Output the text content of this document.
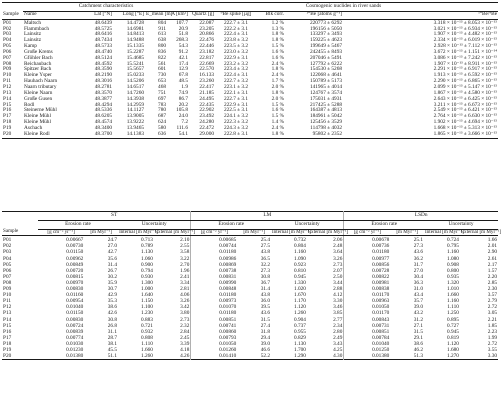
	Catchment characteristics					Cosmogenic nuclides in river sands				
Sample	Name	Lat [°N]	Long [°E]	E_mean [m]	A [km²]	Quartz [g]	⁹Be spike [µg]	Blk corr.	¹⁰Be [atoms g⁻¹]	¹⁰Be/⁹Be
P01	Maltsch	48.6439	14.4728	804	107.7	22.087	222.7 ± 3.1	1.2 %	220773 ± 6292	3.318 × 10⁻¹³ ± 8.053 × 10⁻¹⁵
P02	Flammbach	48.5725	14.6981	911	20.9	23.205	222.2 ± 3.1	1.3 %	196156 ± 5050	3.021 × 10⁻¹³ ± 6.934 × 10⁻¹⁵
P03	Lainsitz	48.6416	14.8413	613	51.8	20.866	222.4 ± 3.1	1.8 %	133297 ± 3493	1.907 × 10⁻¹³ ± 4.482 × 10⁻¹⁵
P04	Lainsitz	48.7434	14.9488	638	268.3	22.476	223.8 ± 3.2	1.8 %	159225 ± 4623	2.334 × 10⁻¹³ ± 6.019 × 10⁻¹⁵
P05	Kamp	48.5733	15.1335	800	54.3	22.446	223.5 ± 3.2	1.5 %	199649 ± 5467	2.928 × 10⁻¹³ ± 7.112 × 10⁻¹⁵
P06	Große Krems	48.4740	15.2287	836	91.2	23.182	223.0 ± 3.2	1.6 %	242455 ± 8493	3.672 × 10⁻¹³ ± 1.151 × 10⁻¹⁴
P07	Gföhler Bach	48.5124	15.4685	822	42.1	22.817	222.9 ± 3.1	1.6 %	207046 ± 5491	3.086 × 10⁻¹³ ± 7.242 × 10⁻¹⁵
P08	Reichaubach	48.4592	15.5241	561	17.4	22.669	223.2 ± 3.2	2.4 %	127792 ± 6222	1.907 × 10⁻¹³ ± 8.911 × 10⁻¹⁵
P09	Spitzer Bach	48.3590	15.5657	601	12.9	22.570	223.4 ± 3.2	1.8 %	154530 ± 5268	2.291 × 10⁻¹³ ± 6.917 × 10⁻¹⁵
P10	Kleine Ysper	48.2190	15.0233	730	67.8	16.133	222.4 ± 3.1	2.4 %	122068 ± 4641	1.913 × 10⁻¹³ ± 6.592 × 10⁻¹⁵
P11	Hauhach Naarn	48.3016	14.5206	653	48.5	23.260	222.7 ± 3.2	1.7 %	150789 ± 5173	2.290 × 10⁻¹³ ± 6.865 × 10⁻¹⁵
P12	Naarn tributary	48.2781	14.6517	468	1.9	22.417	223.1 ± 3.2	2.0 %	141965 ± 4014	2.099 × 10⁻¹³ ± 5.147 × 10⁻¹⁵
P13	Kleine Naarn	48.3570	14.7260	751	74.9	21.185	222.1 ± 3.1	1.8 %	124767 ± 3574	1.867 × 10⁻¹³ ± 4.580 × 10⁻¹⁵
P14	Große Gusen	48.3877	14.3938	697	86.7	24.495	222.7 ± 3.1	2.0 %	175031 ± 4931	2.643 × 10⁻¹³ ± 6.425 × 10⁻¹⁵
P15	Rodl	48.4294	14.2959	783	20.2	22.435	222.9 ± 3.1	1.5 %	217425 ± 5288	3.211 × 10⁻¹³ ± 6.673 × 10⁻¹⁵
P16	Steinerne Mühl	48.5336	14.1127	780	105.8	22.902	222.5 ± 3.1	1.6 %	164387 ± 4813	2.549 × 10⁻¹³ ± 6.421 × 10⁻¹⁵
P17	Kleine Mühl	48.6205	13.9005	687	24.0	23.492	224.1 ± 3.2	1.5 %	184961 ± 5042	2.764 × 10⁻¹³ ± 6.630 × 10⁻¹⁵
P18	Kleine Mühl	48.4574	13.9222	624	7.2	24.280	222.3 ± 3.2	1.4 %	125456 ± 3529	1.902 × 10⁻¹³ ± 4.694 × 10⁻¹⁵
P19	Aschach	48.3400	13.9465	580	111.6	22.472	224.3 ± 3.2	2.4 %	114798 ± 4032	1.668 × 10⁻¹³ ± 5.313 × 10⁻¹⁵
P20	Kleine Rodl	48.3700	14.1383	636	54.1	29.000	222.8 ± 3.1	1.8 %	95802 ± 2352	1.865 × 10⁻¹³ ± 3.666 × 10⁻¹⁵
	ST				LM				LSDn			
	Erosion rate		Uncertainty		Erosion rate		Uncertainty		Erosion rate		Uncertainty	
Sample	[g cm⁻² yr⁻¹]	[m Myr⁻¹]	Internal [m Myr⁻¹]	External [m Myr⁻¹]	[g cm⁻² yr⁻¹]	[m Myr⁻¹]	Internal [m Myr⁻¹]	External [m Myr⁻¹]	[g cm⁻² yr⁻¹]	[m Myr⁻¹]	Internal [m Myr⁻¹]	External [m Myr⁻¹]
P01	0.00667	24.7	0.713	2.10	0.00685	25.4	0.732	2.06	0.00678	25.1	0.724	1.66
P02	0.00730	27.0	0.789	2.55	0.00744	27.5	0.804	2.48	0.00736	27.3	0.795	2.01
P03	0.01150	42.7	1.130	3.58	0.01180	43.8	1.160	3.64	0.01180	43.6	1.160	2.90
P04	0.00962	35.6	1.060	3.22	0.00986	36.5	1.090	3.26	0.00977	36.2	1.080	2.61
P05	0.00849	31.4	0.900	2.70	0.00869	32.2	0.923	2.73	0.00856	31.7	0.908	2.17
P06	0.00720	26.7	0.794	1.96	0.00738	27.3	0.810	2.07	0.00728	27.0	0.800	1.57
P07	0.00815	30.2	0.930	2.41	0.00831	30.8	0.945	2.50	0.00822	30.4	0.935	2.20
P08	0.00970	35.9	1.300	3.34	0.00990	36.7	1.330	3.44	0.00981	36.3	1.320	2.85
P09	0.00830	30.7	1.000	2.81	0.00848	31.4	1.020	2.88	0.00838	31.0	1.010	2.30
P10	0.01160	42.9	1.640	4.06	0.01180	43.8	1.670	4.12	0.01170	43.4	1.660	3.57
P11	0.00954	35.3	1.150	3.26	0.00973	36.0	1.170	3.30	0.00963	35.7	1.160	2.79
P12	0.01040	38.6	1.100	3.42	0.01070	39.5	1.120	3.46	0.01050	39.0	1.110	2.72
P13	0.01150	42.6	1.230	3.80	0.01180	43.6	1.260	3.85	0.01170	43.2	1.250	3.05
P14	0.00830	30.8	0.883	2.73	0.00851	31.5	0.904	2.77	0.00843	31.2	0.895	2.21
P15	0.00724	26.8	0.721	2.32	0.00741	27.4	0.737	2.34	0.00731	27.1	0.727	1.85
P16	0.00839	31.1	0.932	2.84	0.00860	31.8	0.955	2.80	0.00851	31.5	0.945	2.23
P17	0.00774	28.7	0.808	2.45	0.00793	29.4	0.829	2.49	0.00784	29.1	0.819	1.99
P18	0.01030	38.1	1.110	3.39	0.01050	39.0	1.130	3.43	0.01040	38.6	1.120	2.72
P19	0.01230	45.5	1.660	4.18	0.01260	46.6	1.700	4.25	0.01250	46.2	1.680	3.55
P20	0.01380	51.1	1.260	4.26	0.01410	52.2	1.290	4.30	0.01380	51.3	1.270	3.30
